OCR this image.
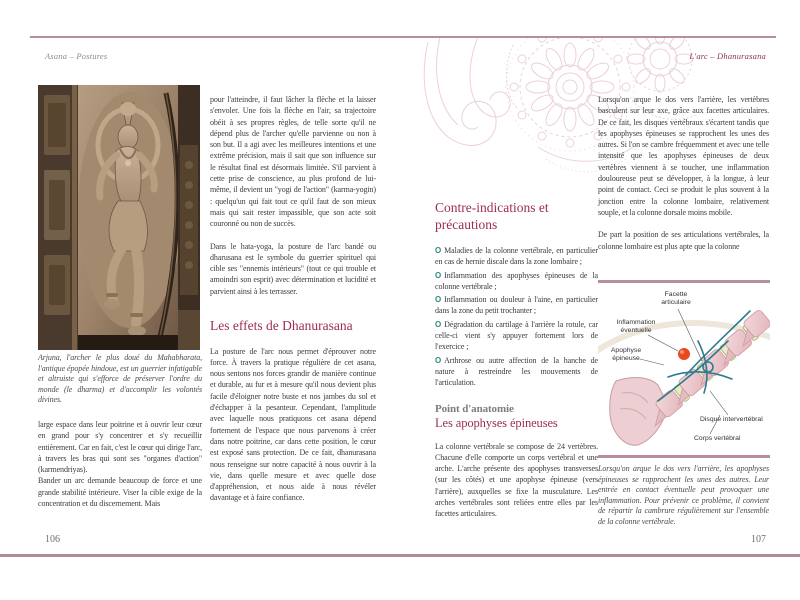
Asana – Postures	L'arc – Dhanurasana
Arjuna, l'archer le plus doué du Mahabharata, l'antique épopée hindoue, est un guerrier infatigable et altruiste qui s'efforce de préserver l'ordre du monde (le dharma) et d'accomplir les volontés divines.

large espace dans leur poitrine et à ouvrir leur cœur en grand pour s'y concentrer et s'y recueillir entièrement. Car en fait, c'est le cœur qui dirige l'arc, à travers les bras qui sont ses "organes d'action" (karmendriyas).

Bander un arc demande beaucoup de force et une grande stabilité intérieure. Viser la cible exige de la concentration et du discernement. Mais

pour l'atteindre, il faut lâcher la flèche et la laisser s'envoler. Une fois la flèche en l'air, sa trajectoire obéit à ses propres règles, de telle sorte qu'il ne dépend plus de l'archer qu'elle parvienne ou non à son but. Il a agi avec les meilleures intentions et une extrême précision, mais il sait que son influence sur le résultat final est désormais limitée. S'il parvient à cette prise de conscience, au plus profond de lui-même, il devient un "yogi de l'action" (karma-yogin) : quelqu'un qui fait tout ce qu'il faut de son mieux mais qui sait rester impassible, que son acte soit couronné ou non de succès.

Dans le hata-yoga, la posture de l'arc bandé ou dharusana est le symbole du guerrier spirituel qui cible ses "ennemis intérieurs" (tout ce qui trouble et amoindri son esprit) avec détermination et lucidité et parvient ainsi à les terrasser.

Les effets de Dhanurasana

La posture de l'arc nous permet d'éprouver notre force. À travers la pratique régulière de cet asana, nous sentons nos forces grandir de manière continue et durable, au fur et à mesure qu'il nous devient plus facile d'éloigner notre buste et nos jambes du sol et d'échapper à la pesanteur. Cependant, l'amplitude avec laquelle nous pratiquons cet asana dépend fortement de l'espace que nous parvenons à créer dans notre poitrine, car dans cette position, le cœur est exposé sans protection. De ce fait, dhanurasana nous renseigne sur notre capacité à nous ouvrir à la vie, dans quelle mesure et avec quelle dose d'appréhension, et nous aide à nous révéler davantage et à faire confiance.

106
Contre-indications et précautions

O Maladies de la colonne vertébrale, en particulier en cas de hernie discale dans la zone lombaire ;

O Inflammation des apophyses épineuses de la colonne vertébrale ;

O Inflammation ou douleur à l'aine, en particulier dans la zone du petit trochanter ;

O Dégradation du cartilage à l'arrière la rotule, car celle-ci vient s'y appuyer fortement lors de l'exercice ;

O Arthrose ou autre affection de la hanche de nature à restreindre les mouvements de l'articulation.

Point d'anatomie
Les apophyses épineuses

La colonne vertébrale se compose de 24 vertèbres. Chacune d'elle comporte un corps vertébral et une arche. L'arche présente des apophyses transverses (sur les côtés) et une apophyse épineuse (vers l'arrière), auxquelles se fixe la musculature. Les arches vertébrales sont reliées entre elles par les facettes articulaires.

Lorsqu'on arque le dos vers l'arrière, les vertèbres basculent sur leur axe, grâce aux facettes articulaires. De ce fait, les disques vertébraux s'écartent tandis que les apophyses épineuses se rapprochent les unes des autres. Si l'on se cambre fréquemment et avec une telle intensité que les apophyses épineuses de deux vertèbres viennent à se toucher, une inflammation douloureuse peut se développer, à la longue, à leur point de contact. Ceci se produit le plus souvent à la jonction entre la colonne lombaire, relativement souple, et la colonne dorsale moins mobile.

De part la position de ses articulations vertébrales, la colonne lombaire est plus apte que la colonne

Facette articulaire
Inflammation éventuelle
Apophyse épineuse
Disque intervertébral
Corps vertébral
Lorsqu'on arque le dos vers l'arrière, les apophyses épineuses se rapprochent les unes des autres. Leur entrée en contact éventuelle peut provoquer une inflammation. Pour prévenir ce problème, il convient de répartir la cambrure régulièrement sur l'ensemble de la colonne vertébrale.
107
